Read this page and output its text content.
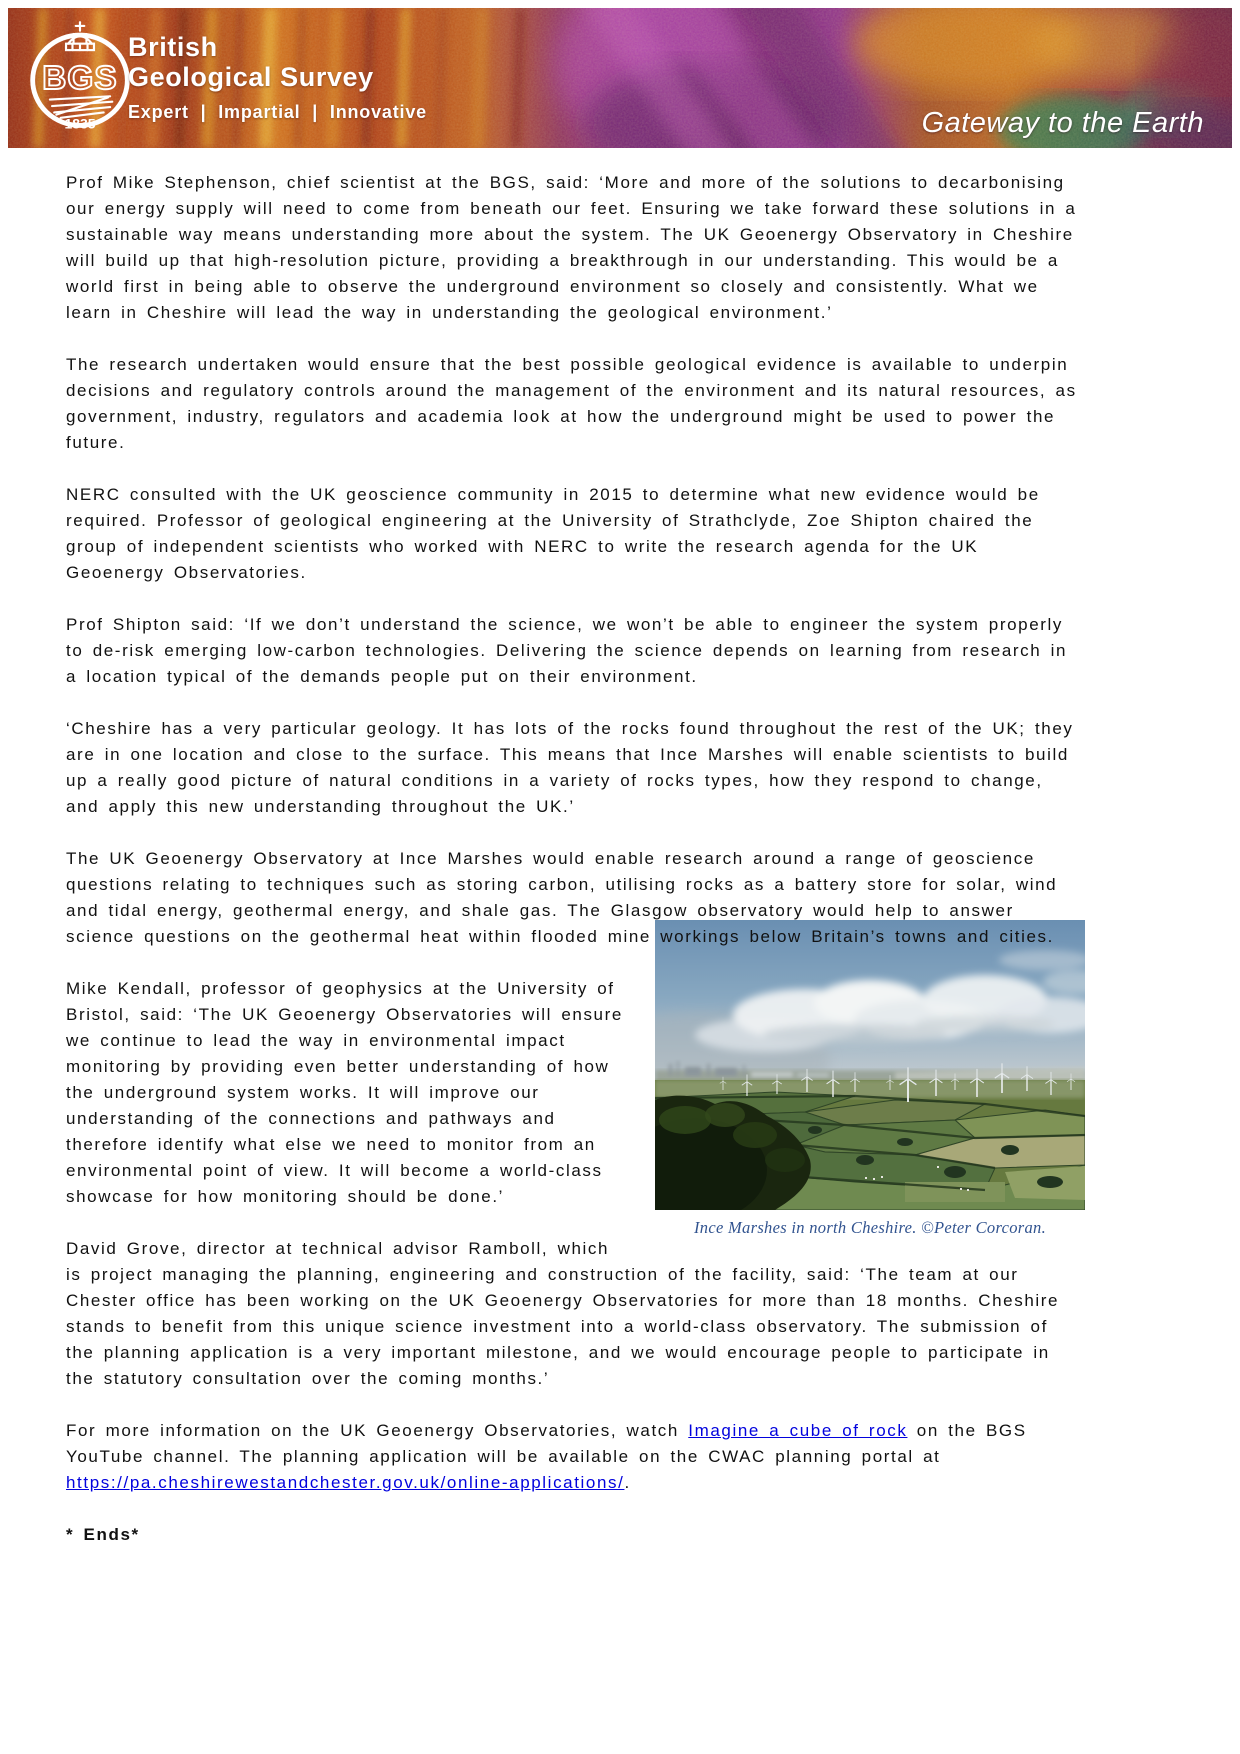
BGS
1835
British
Geological Survey
Expert | Impartial | Innovative	Gateway to the Earth

Prof Mike Stephenson, chief scientist at the BGS, said: ‘More and more of the solutions to decarbonising our energy supply will need to come from beneath our feet. Ensuring we take forward these solutions in a sustainable way means understanding more about the system. The UK Geoenergy Observatory in Cheshire will build up that high-resolution picture, providing a breakthrough in our understanding. This would be a world first in being able to observe the underground environment so closely and consistently. What we learn in Cheshire will lead the way in understanding the geological environment.’

The research undertaken would ensure that the best possible geological evidence is available to underpin decisions and regulatory controls around the management of the environment and its natural resources, as government, industry, regulators and academia look at how the underground might be used to power the future.

NERC consulted with the UK geoscience community in 2015 to determine what new evidence would be required. Professor of geological engineering at the University of Strathclyde, Zoe Shipton chaired the group of independent scientists who worked with NERC to write the research agenda for the UK Geoenergy Observatories.

Prof Shipton said: ‘If we don’t understand the science, we won’t be able to engineer the system properly to de-risk emerging low-carbon technologies. Delivering the science depends on learning from research in a location typical of the demands people put on their environment.

‘Cheshire has a very particular geology. It has lots of the rocks found throughout the rest of the UK; they are in one location and close to the surface. This means that Ince Marshes will enable scientists to build up a really good picture of natural conditions in a variety of rocks types, how they respond to change, and apply this new understanding throughout the UK.’

The UK Geoenergy Observatory at Ince Marshes would enable research around a range of geoscience questions relating to techniques such as storing carbon, utilising rocks as a battery store for solar, wind and tidal energy, geothermal energy, and shale gas. The Glasgow observatory would help to answer science questions on the geothermal heat within flooded mine workings below Britain’s towns and cities.

Ince Marshes in north Cheshire. ©Peter Corcoran.

Mike Kendall, professor of geophysics at the University of Bristol, said: ‘The UK Geoenergy Observatories will ensure we continue to lead the way in environmental impact monitoring by providing even better understanding of how the underground system works. It will improve our understanding of the connections and pathways and therefore identify what else we need to monitor from an environmental point of view. It will become a world-class showcase for how monitoring should be done.’

David Grove, director at technical advisor Ramboll, which is project managing the planning, engineering and construction of the facility, said: ‘The team at our Chester office has been working on the UK Geoenergy Observatories for more than 18 months. Cheshire stands to benefit from this unique science investment into a world-class observatory. The submission of the planning application is a very important milestone, and we would encourage people to participate in the statutory consultation over the coming months.’

For more information on the UK Geoenergy Observatories, watch Imagine a cube of rock on the BGS YouTube channel. The planning application will be available on the CWAC planning portal at https://pa.cheshirewestandchester.gov.uk/online-applications/.

* Ends*
